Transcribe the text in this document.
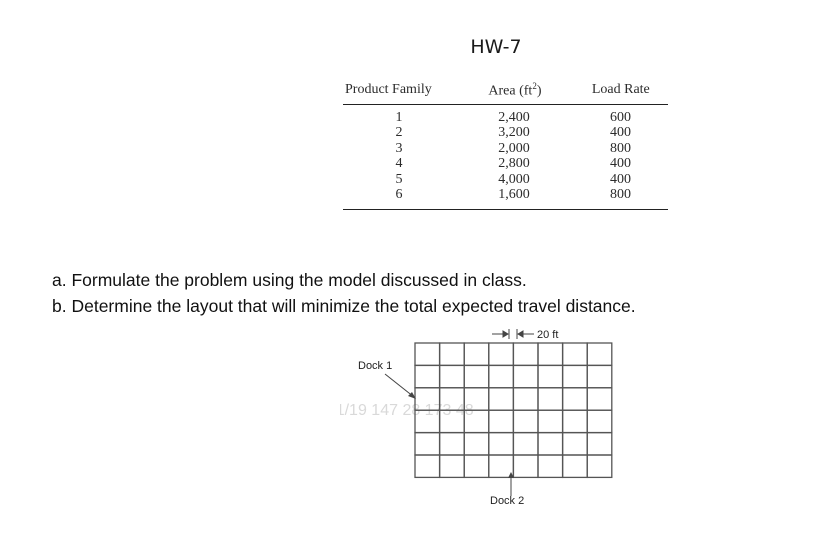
HW-7
Product Family	Area $(ft^2)$	Load Rate
1	2,400	600
2	3,200	400
3	2,000	800
4	2,800	400
5	4,000	400
6	1,600	800
a. Formulate the problem using the model discussed in class.
b. Determine the layout that will minimize the total expected travel distance.
11/19 147 28 173 48
20 ft
Dock 1
Dock 2
